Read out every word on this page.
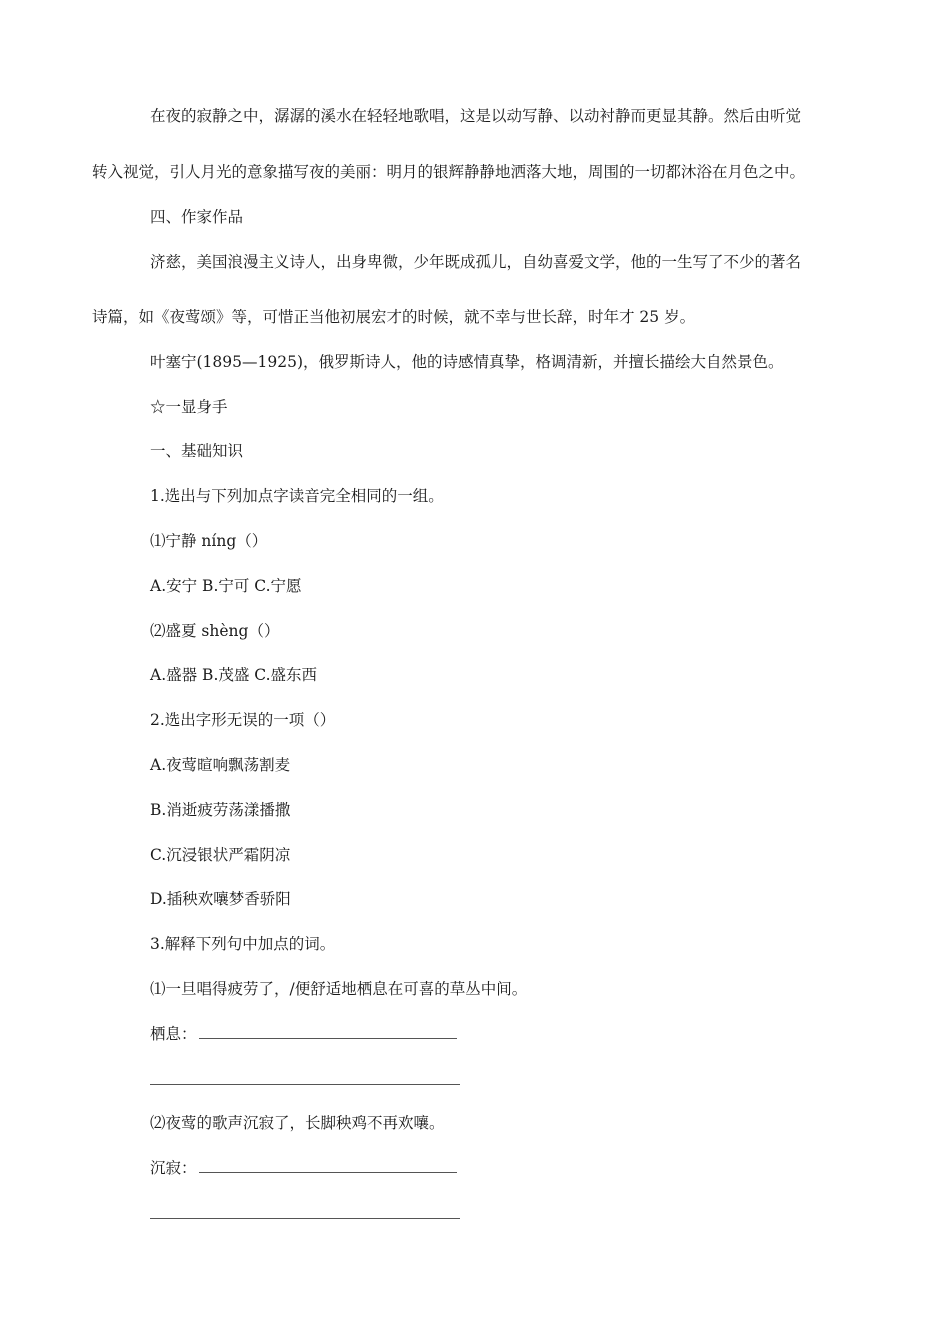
在夜的寂静之中，潺潺的溪水在轻轻地歌唱，这是以动写静、以动衬静而更显其静。然后由听觉
转入视觉，引人月光的意象描写夜的美丽：明月的银辉静静地洒落大地，周围的一切都沐浴在月色之中。
四、作家作品
济慈，美国浪漫主义诗人，出身卑微，少年既成孤儿，自幼喜爱文学，他的一生写了不少的著名
诗篇，如《夜莺颂》等，可惜正当他初展宏才的时候，就不幸与世长辞，时年才 25 岁。
叶塞宁(1895—1925)，俄罗斯诗人，他的诗感情真挚，格调清新，并擅长描绘大自然景色。
☆一显身手
一、基础知识
1.选出与下列加点字读音完全相同的一组。
⑴宁静 níng（）
A.安宁 B.宁可 C.宁愿
⑵盛夏 shèng（）
A.盛器 B.茂盛 C.盛东西
2.选出字形无误的一项（）
A.夜莺暄响飘荡割麦
B.消逝疲劳荡漾播撒
C.沉浸银状严霜阴凉
D.插秧欢嚷梦香骄阳
3.解释下列句中加点的词。
⑴一旦唱得疲劳了，/便舒适地栖息在可喜的草丛中间。
栖息：
⑵夜莺的歌声沉寂了，长脚秧鸡不再欢嚷。
沉寂：
